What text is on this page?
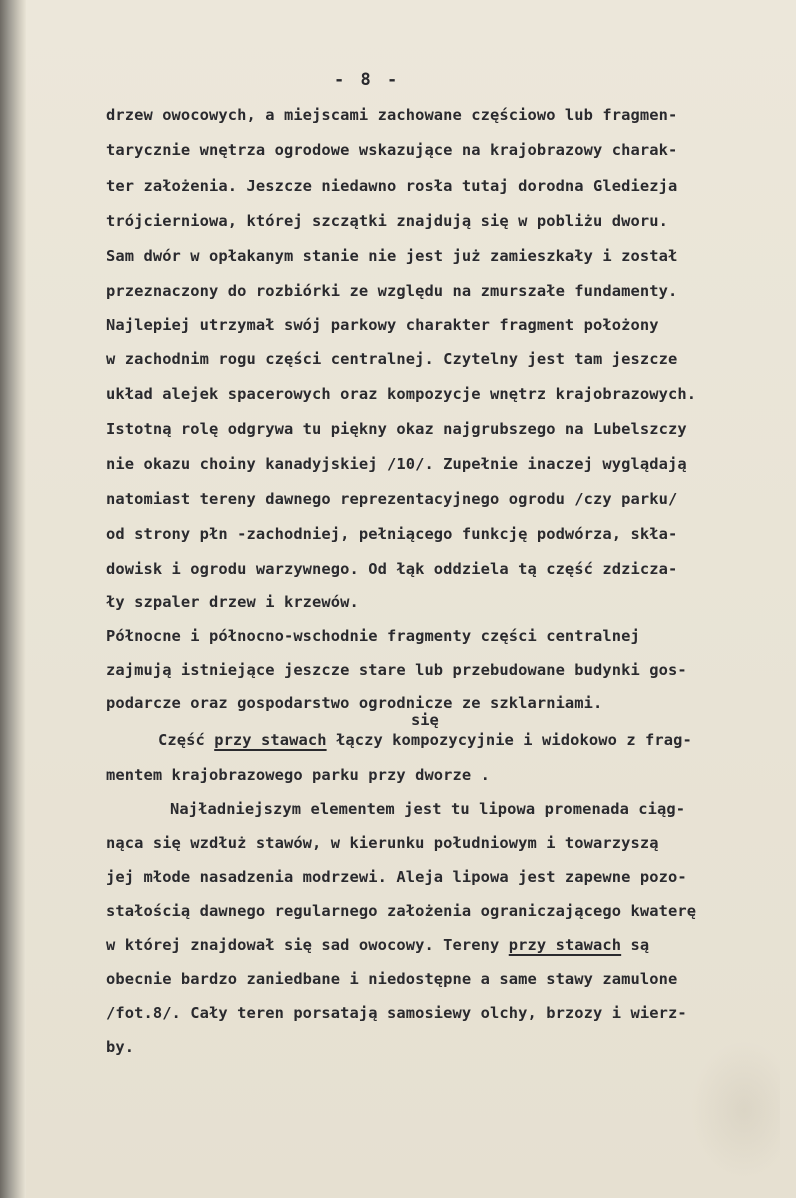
- 8 -
drzew owocowych, a miejscami zachowane częściowo lub fragmen-
tarycznie wnętrza ogrodowe wskazujące na krajobrazowy charak-
ter założenia. Jeszcze niedawno rosła tutaj dorodna Glediezja
trójcierniowa, której szczątki znajdują się w pobliżu dworu.
Sam dwór w opłakanym stanie nie jest już zamieszkały i został
przeznaczony do rozbiórki ze względu na zmurszałe fundamenty.
Najlepiej utrzymał swój parkowy charakter fragment położony
w zachodnim rogu części centralnej. Czytelny jest tam jeszcze
układ alejek spacerowych oraz kompozycje wnętrz krajobrazowych.
Istotną rolę odgrywa tu piękny okaz najgrubszego na Lubelszczy
nie okazu choiny kanadyjskiej /10/. Zupełnie inaczej wyglądają
natomiast tereny dawnego reprezentacyjnego ogrodu /czy parku/
od strony płn -zachodniej, pełniącego funkcję podwórza, skła-
dowisk i ogrodu warzywnego. Od łąk oddziela tą część zdzicza-
ły szpaler drzew i krzewów.
Północne i północno-wschodnie fragmenty części centralnej
zajmują istniejące jeszcze stare lub przebudowane budynki gos-
podarcze oraz gospodarstwo ogrodnicze ze szklarniami.
się
Część przy stawach łączy kompozycyjnie i widokowo z frag-
mentem krajobrazowego parku przy dworze .
Najładniejszym elementem jest tu lipowa promenada ciąg-
nąca się wzdłuż stawów, w kierunku południowym i towarzyszą
jej młode nasadzenia modrzewi. Aleja lipowa jest zapewne pozo-
stałością dawnego regularnego założenia ograniczającego kwaterę
w której znajdował się sad owocowy. Tereny przy stawach są
obecnie bardzo zaniedbane i niedostępne a same stawy zamulone
/fot.8/. Cały teren porsatają samosiewy olchy, brzozy i wierz-
by.
